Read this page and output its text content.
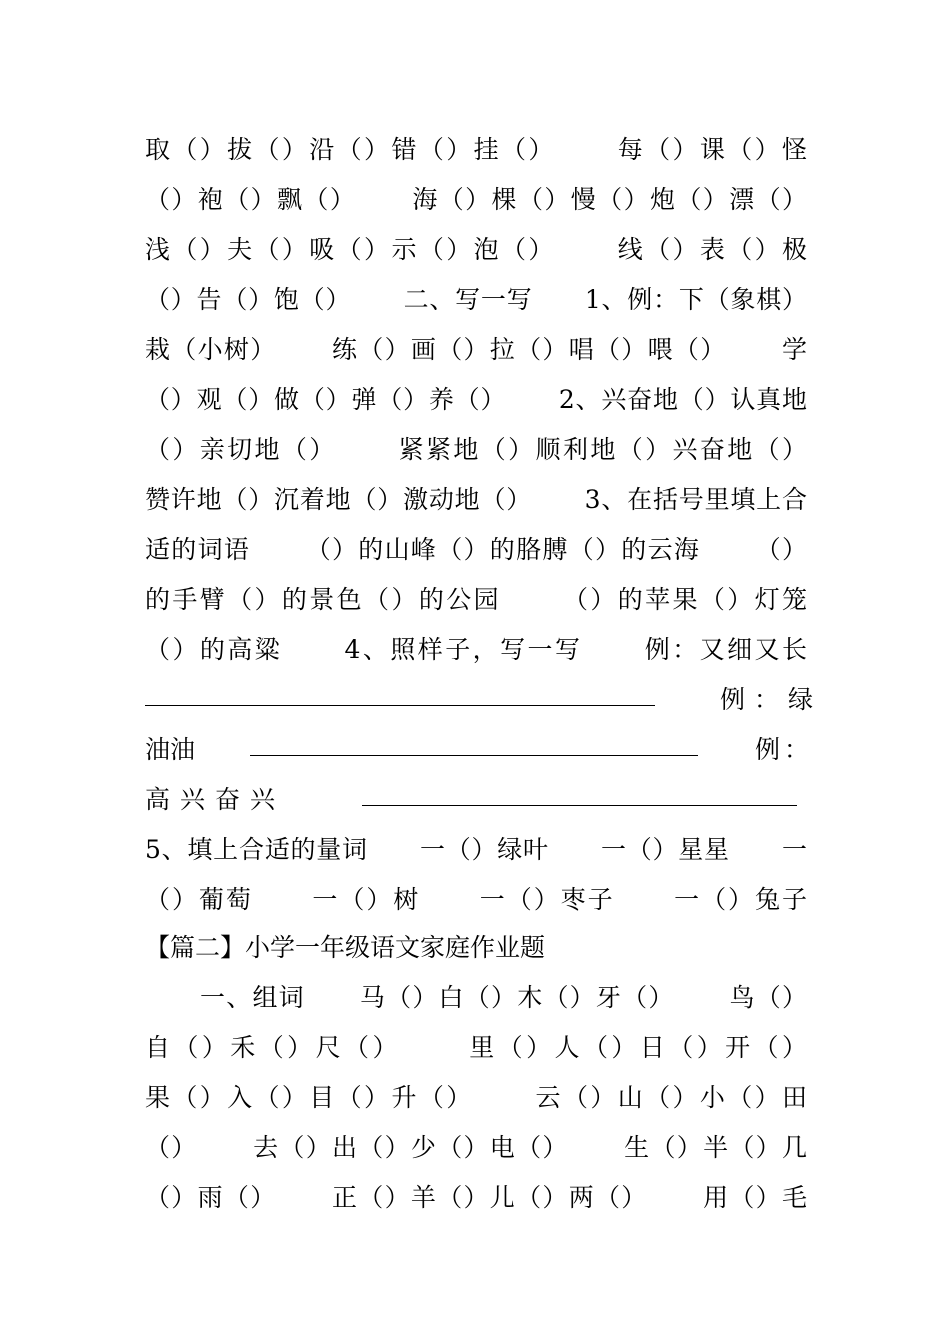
取（）拔（）沿（）错（）挂（）      每（）课（）怪
（）袍（）飘（）      海（）棵（）慢（）炮（）漂（）
浅（）夫（）吸（）示（）泡（）      线（）表（）极
（）告（）饱（）      二、写一写      1、例：下（象棋）
栽（小树）      练（）画（）拉（）唱（）喂（）      学
（）观（）做（）弹（）养（）      2、兴奋地（）认真地
（）亲切地（）      紧紧地（）顺利地（）兴奋地（）
赞许地（）沉着地（）激动地（）      3、在括号里填上合
适的词语      （）的山峰（）的胳膊（）的云海      （）
的手臂（）的景色（）的公园      （）的苹果（）灯笼
（）的高粱      4、照样子，写一写      例：又细又长
例：绿
油油	例：
高兴奋兴
5、填上合适的量词      一（）绿叶      一（）星星      一
（）葡萄      一（）树      一（）枣子      一（）兔子
【篇二】小学一年级语文家庭作业题
一、组词      马（）白（）木（）牙（）      鸟（）
自（）禾（）尺（）      里（）人（）日（）开（）
果（）入（）目（）升（）      云（）山（）小（）田
（）      去（）出（）少（）电（）      生（）半（）几
（）雨（）      正（）羊（）儿（）两（）      用（）毛
